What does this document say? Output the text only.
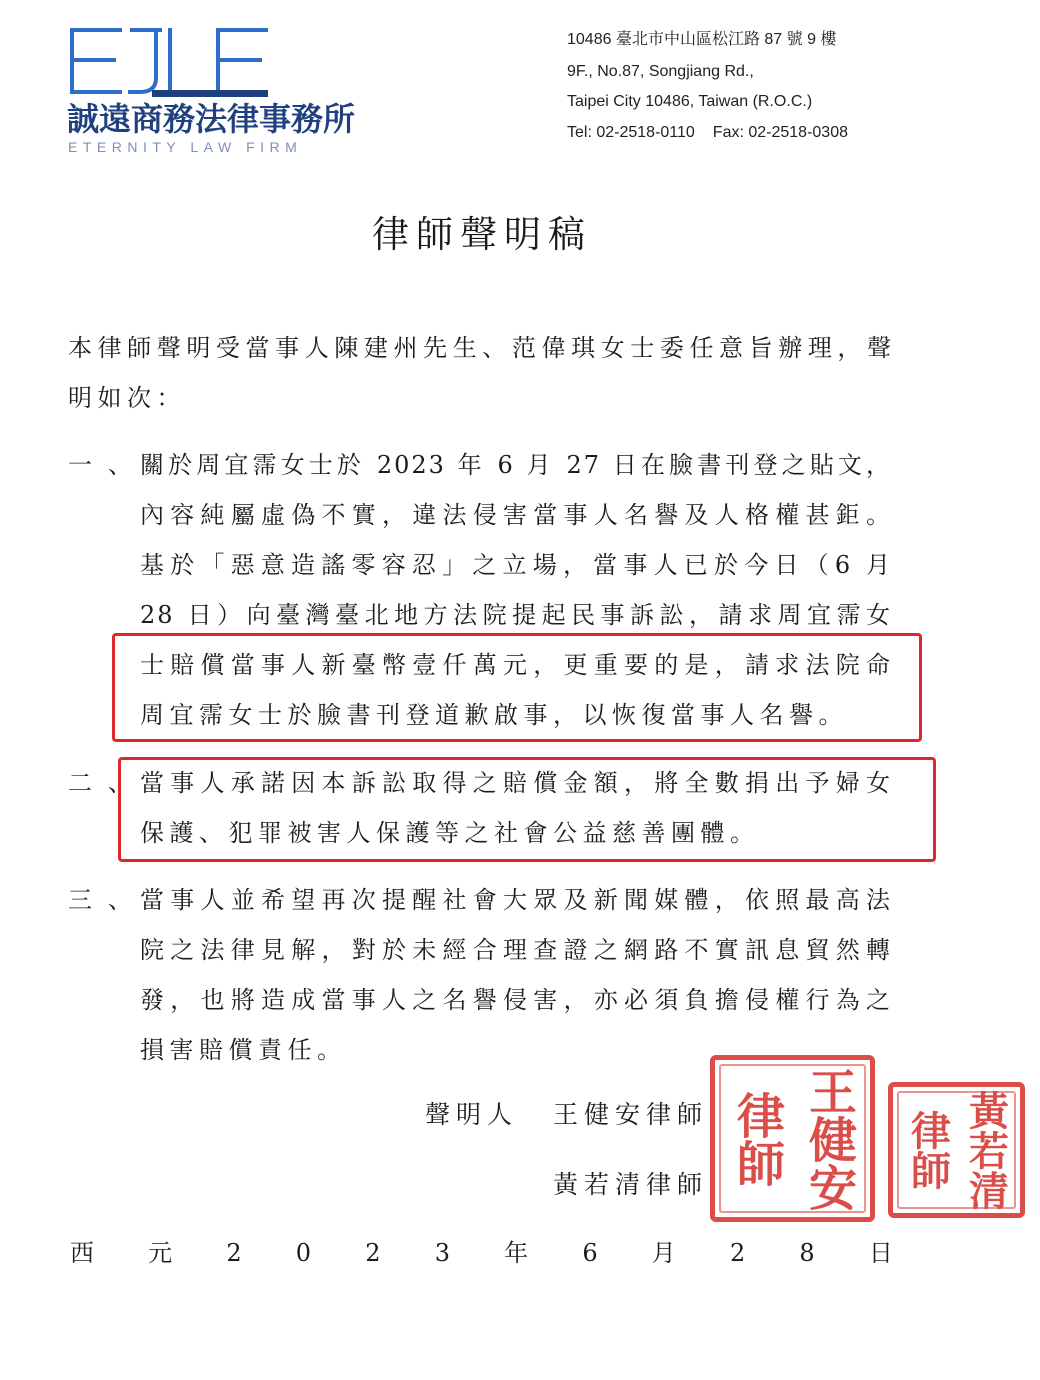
誠遠商務法律事務所
ETERNITY LAW FIRM
10486 臺北市中山區松江路 87 號 9 樓
9F., No.87, Songjiang Rd.,
Taipei City 10486, Taiwan (R.O.C.)
Tel: 02-2518-0110 Fax: 02-2518-0308
律師聲明稿
本律師聲明受當事人陳建州先生、范偉琪女士委任意旨辦理，聲
明如次：
一、
關於周宜霈女士於 2023 年 6 月 27 日在臉書刊登之貼文，
內容純屬虛偽不實，違法侵害當事人名譽及人格權甚鉅。
基於「惡意造謠零容忍」之立場，當事人已於今日（6 月
28 日）向臺灣臺北地方法院提起民事訴訟，請求周宜霈女
士賠償當事人新臺幣壹仟萬元，更重要的是，請求法院命
周宜霈女士於臉書刊登道歉啟事，以恢復當事人名譽。
二、
當事人承諾因本訴訟取得之賠償金額，將全數捐出予婦女
保護、犯罪被害人保護等之社會公益慈善團體。
三、
當事人並希望再次提醒社會大眾及新聞媒體，依照最高法
院之法律見解，對於未經合理查證之網路不實訊息貿然轉
發，也將造成當事人之名譽侵害，亦必須負擔侵權行為之
損害賠償責任。
聲明人 王健安律師
黃若清律師	王健安律師	黃若清律師
西 元 2 0 2 3 年 6 月 2 8 日
